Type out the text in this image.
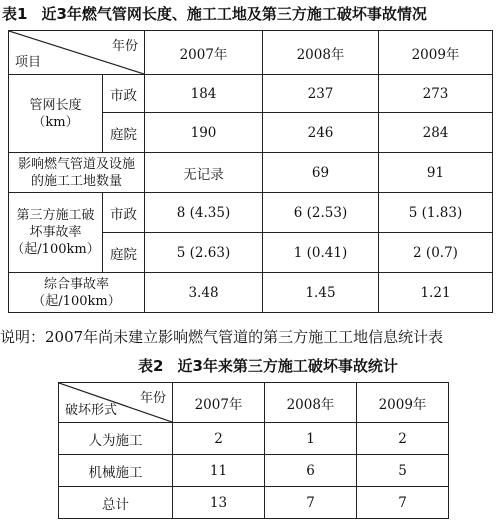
表1 近3年燃气管网长度、施工工地及第三方施工破坏事故情况
年份
项目		2007年	2008年	2009年

管网长度
（km）	市政	184	237	273
	庭院	190	246	284

影响燃气管道及设施
的施工工地数量		无记录	69	91

第三方施工破
坏事故率
（起/100km）	市政	8 (4.35)	6 (2.53)	5 (1.83)
	庭院	5 (2.63)	1 (0.41)	2 (0.7)

综合事故率
（起/100km）		3.48	1.45	1.21
说明：2007年尚未建立影响燃气管道的第三方施工工地信息统计表
表2 近3年来第三方施工破坏事故统计
年份
破坏形式	2007年	2008年	2009年
人为施工	2	1	2
机械施工	11	6	5
总计	13	7	7
